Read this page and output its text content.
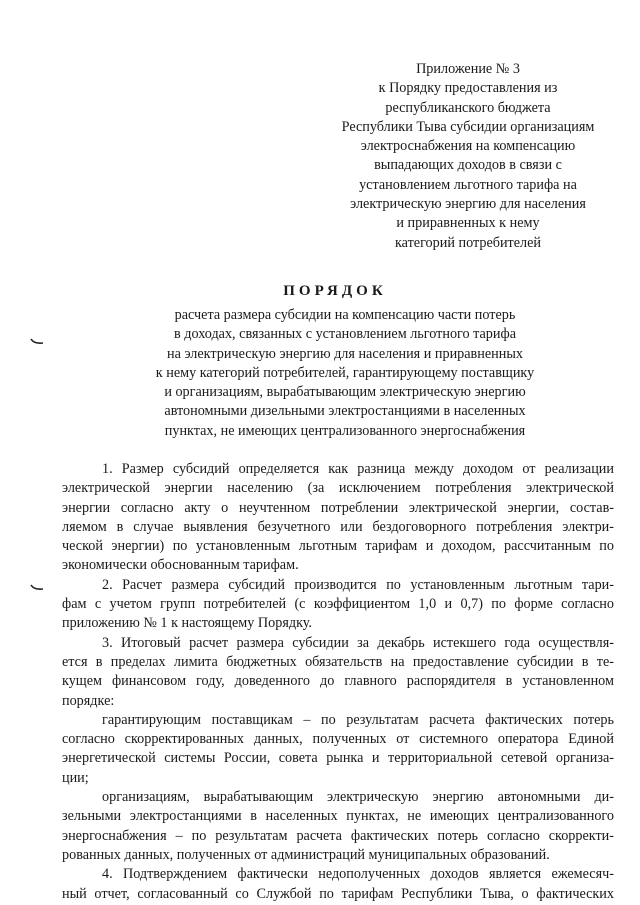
Приложение № 3
к Порядку предоставления из
республиканского бюджета
Республики Тыва субсидии организациям
электроснабжения на компенсацию
выпадающих доходов в связи с
установлением льготного тарифа на
электрическую энергию для населения
и приравненных к нему
категорий потребителей
ПОРЯДОК
расчета размера субсидии на компенсацию части потерь
в доходах, связанных с установлением льготного тарифа
на электрическую энергию для населения и приравненных
к нему категорий потребителей, гарантирующему поставщику
и организациям, вырабатывающим электрическую энергию
автономными дизельными электростанциями в населенных
пунктах, не имеющих централизованного энергоснабжения
1. Размер субсидий определяется как разница между доходом от реализации
электрической энергии населению (за исключением потребления электрической
энергии согласно акту о неучтенном потреблении электрической энергии, состав-
ляемом в случае выявления безучетного или бездоговорного потребления электри-
ческой энергии) по установленным льготным тарифам и доходом, рассчитанным по
экономически обоснованным тарифам.
2. Расчет размера субсидий производится по установленным льготным тари-
фам с учетом групп потребителей (с коэффициентом 1,0 и 0,7) по форме согласно
приложению № 1 к настоящему Порядку.
3. Итоговый расчет размера субсидии за декабрь истекшего года осуществля-
ется в пределах лимита бюджетных обязательств на предоставление субсидии в те-
кущем финансовом году, доведенного до главного распорядителя в установленном
порядке:
гарантирующим поставщикам – по результатам расчета фактических потерь
согласно скорректированных данных, полученных от системного оператора Единой
энергетической системы России, совета рынка и территориальной сетевой организа-
ции;
организациям, вырабатывающим электрическую энергию автономными ди-
зельными электростанциями в населенных пунктах, не имеющих централизованного
энергоснабжения – по результатам расчета фактических потерь согласно скорректи-
рованных данных, полученных от администраций муниципальных образований.
4. Подтверждением фактически недополученных доходов является ежемесяч-
ный отчет, согласованный со Службой по тарифам Республики Тыва, о фактических
